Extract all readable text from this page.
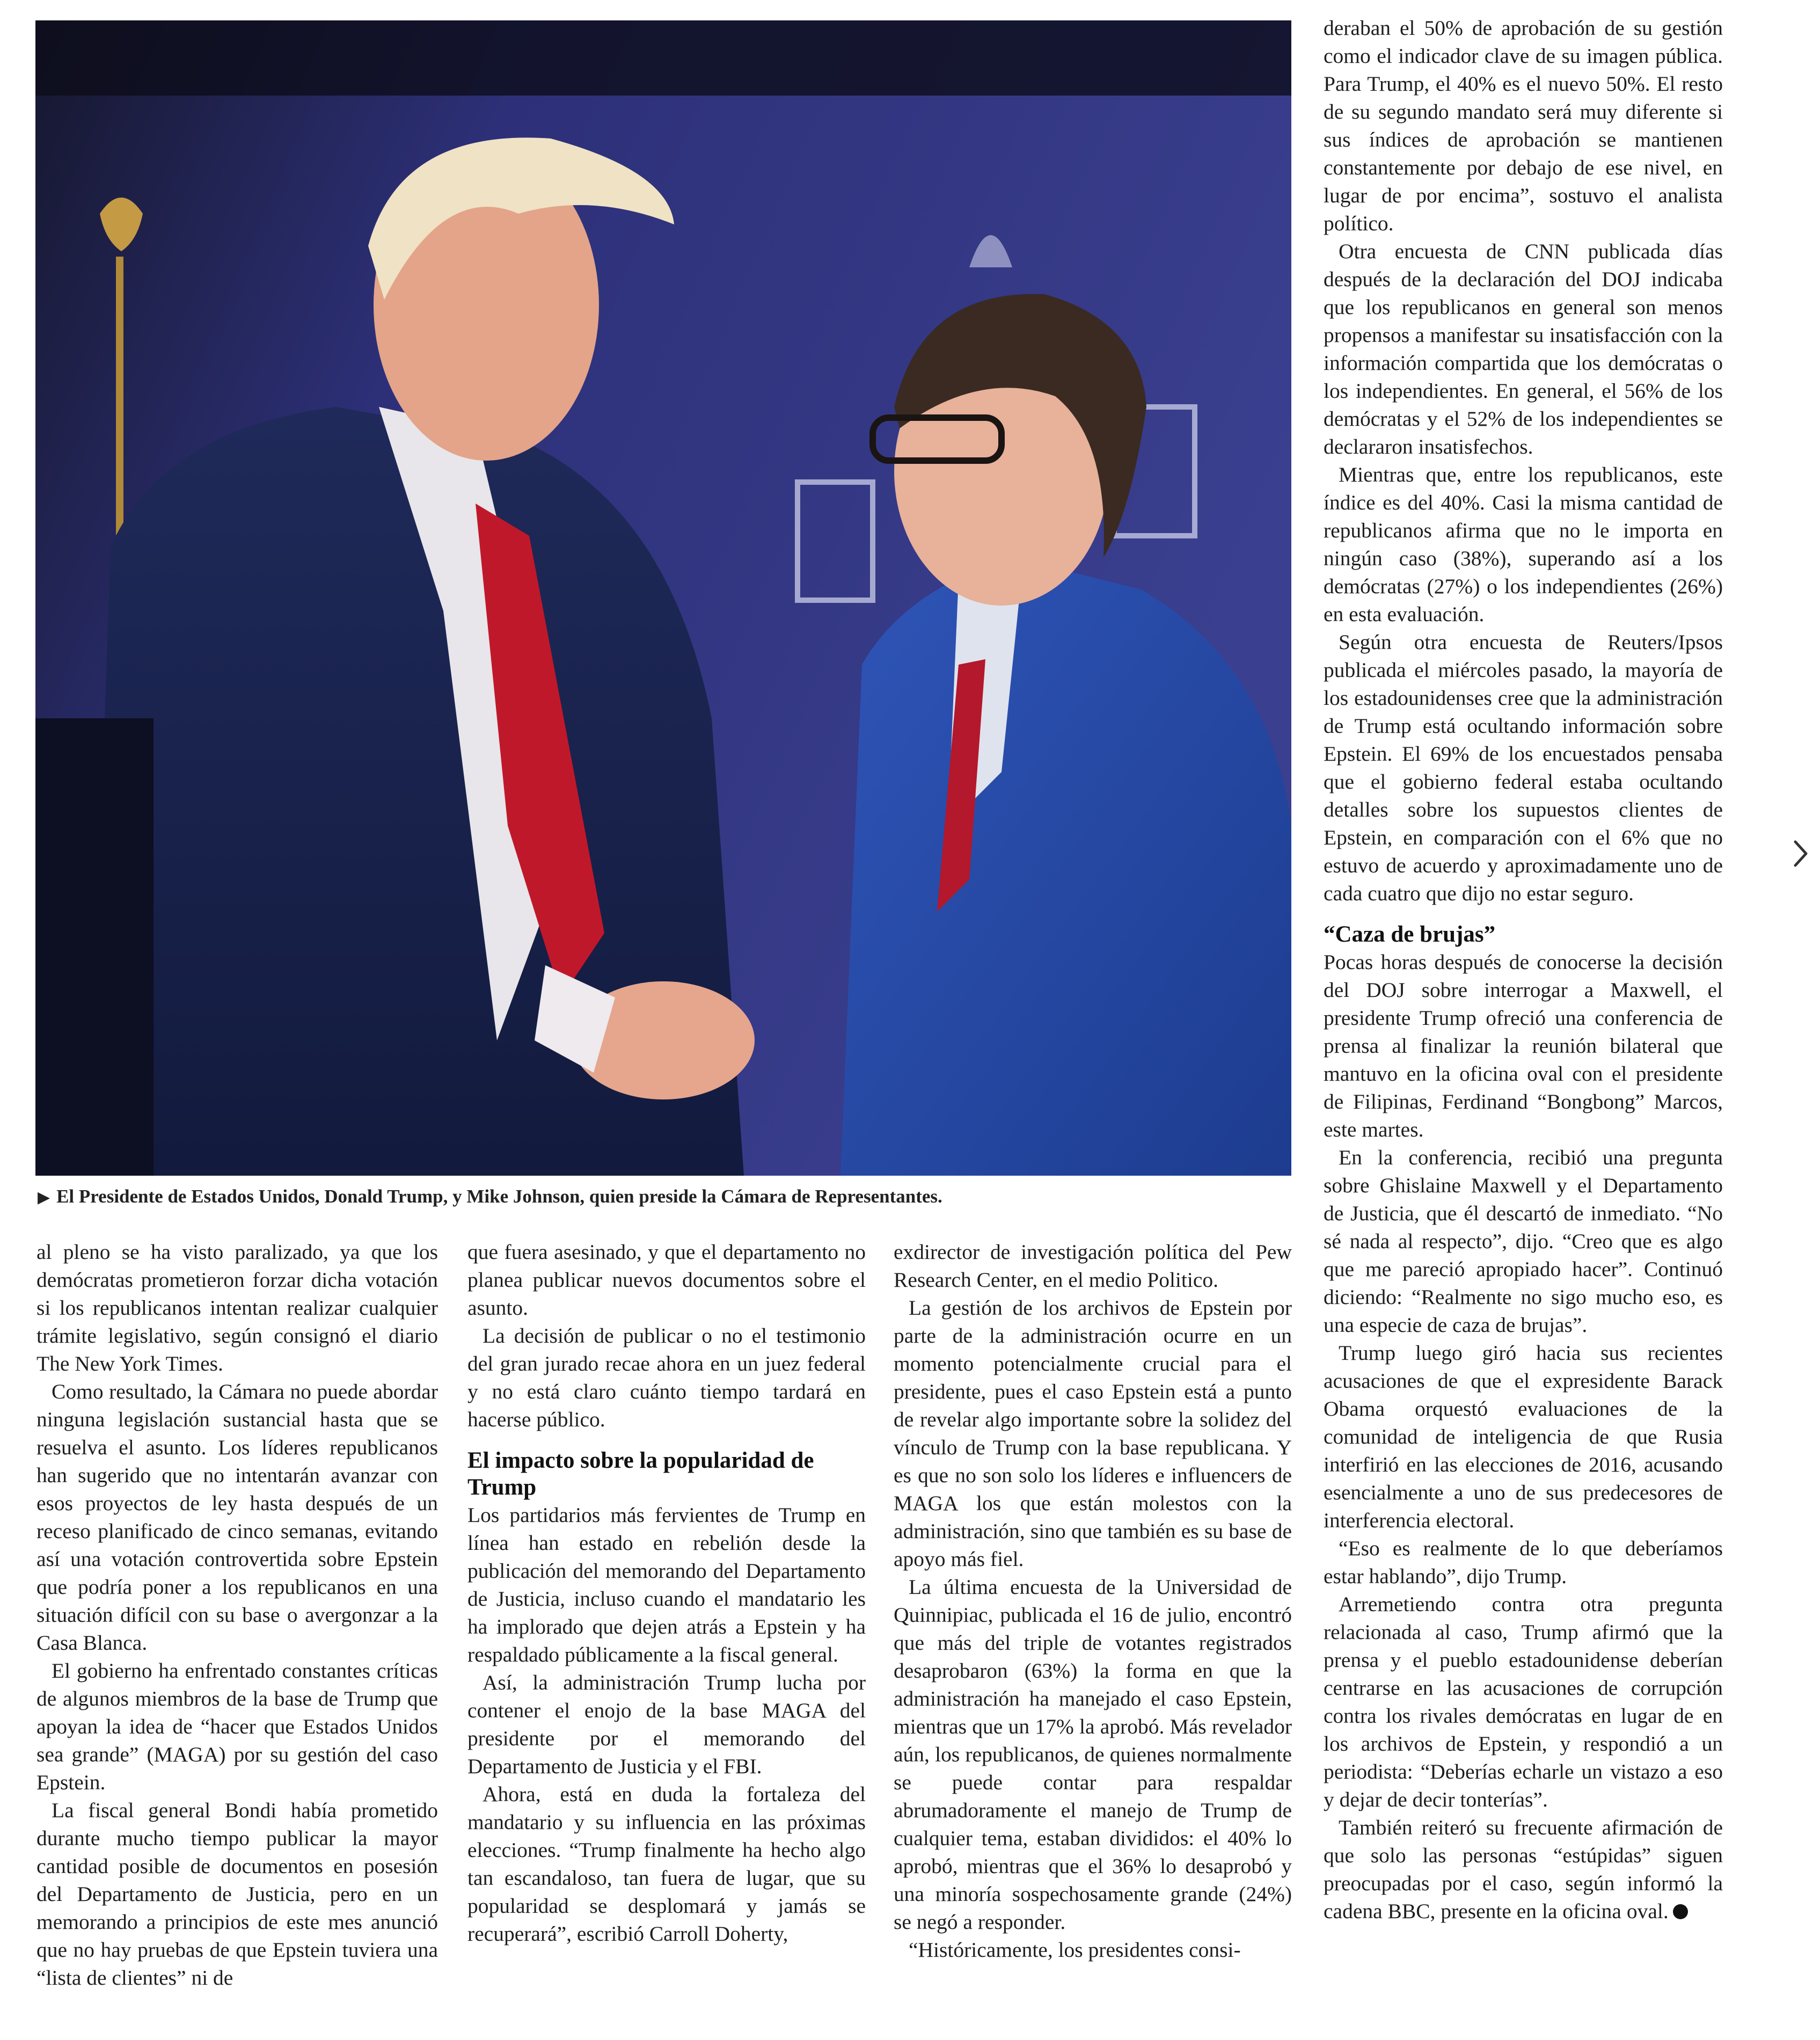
▶ El Presidente de Estados Unidos, Donald Trump, y Mike Johnson, quien preside la Cámara de Representantes.

deraban el 50% de aprobación de su gestión como el indicador clave de su imagen pública. Para Trump, el 40% es el nuevo 50%. El resto de su segundo mandato será muy diferente si sus índices de aprobación se mantienen constantemente por debajo de ese nivel, en lugar de por encima”, sostuvo el analista político.

Otra encuesta de CNN publicada días después de la declaración del DOJ indicaba que los republicanos en general son menos propensos a manifestar su insatisfacción con la información compartida que los demócratas o los independientes. En general, el 56% de los demócratas y el 52% de los independientes se declararon insatisfechos.

Mientras que, entre los republicanos, este índice es del 40%. Casi la misma cantidad de republicanos afirma que no le importa en ningún caso (38%), superando así a los demócratas (27%) o los independientes (26%) en esta evaluación.

Según otra encuesta de Reuters/Ipsos publicada el miércoles pasado, la mayoría de los estadounidenses cree que la administración de Trump está ocultando información sobre Epstein. El 69% de los encuestados pensaba que el gobierno federal estaba ocultando detalles sobre los supuestos clientes de Epstein, en comparación con el 6% que no estuvo de acuerdo y aproximadamente uno de cada cuatro que dijo no estar seguro.

“Caza de brujas”

Pocas horas después de conocerse la decisión del DOJ sobre interrogar a Maxwell, el presidente Trump ofreció una conferencia de prensa al finalizar la reunión bilateral que mantuvo en la oficina oval con el presidente de Filipinas, Ferdinand “Bongbong” Marcos, este martes.

En la conferencia, recibió una pregunta sobre Ghislaine Maxwell y el Departamento de Justicia, que él descartó de inmediato. “No sé nada al respecto”, dijo. “Creo que es algo que me pareció apropiado hacer”. Continuó diciendo: “Realmente no sigo mucho eso, es una especie de caza de brujas”.

Trump luego giró hacia sus recientes acusaciones de que el expresidente Barack Obama orquestó evaluaciones de la comunidad de inteligencia de que Rusia interfirió en las elecciones de 2016, acusando esencialmente a uno de sus predecesores de interferencia electoral.

“Eso es realmente de lo que deberíamos estar hablando”, dijo Trump.

Arremetiendo contra otra pregunta relacionada al caso, Trump afirmó que la prensa y el pueblo estadounidense deberían centrarse en las acusaciones de corrupción contra los rivales demócratas en lugar de en los archivos de Epstein, y respondió a un periodista: “Deberías echarle un vistazo a eso y dejar de decir tonterías”.

También reiteró su frecuente afirmación de que solo las personas “estúpidas” siguen preocupadas por el caso, según informó la cadena BBC, presente en la oficina oval.

al pleno se ha visto paralizado, ya que los demócratas prometieron forzar dicha votación si los republicanos intentan realizar cualquier trámite legislativo, según consignó el diario The New York Times.

Como resultado, la Cámara no puede abordar ninguna legislación sustancial hasta que se resuelva el asunto. Los líderes republicanos han sugerido que no intentarán avanzar con esos proyectos de ley hasta después de un receso planificado de cinco semanas, evitando así una votación controvertida sobre Epstein que podría poner a los republicanos en una situación difícil con su base o avergonzar a la Casa Blanca.

El gobierno ha enfrentado constantes críticas de algunos miembros de la base de Trump que apoyan la idea de “hacer que Estados Unidos sea grande” (MAGA) por su gestión del caso Epstein.

La fiscal general Bondi había prometido durante mucho tiempo publicar la mayor cantidad posible de documentos en posesión del Departamento de Justicia, pero en un memorando a principios de este mes anunció que no hay pruebas de que Epstein tuviera una “lista de clientes” ni de

que fuera asesinado, y que el departamento no planea publicar nuevos documentos sobre el asunto.

La decisión de publicar o no el testimonio del gran jurado recae ahora en un juez federal y no está claro cuánto tiempo tardará en hacerse público.

El impacto sobre la popularidad de Trump

Los partidarios más fervientes de Trump en línea han estado en rebelión desde la publicación del memorando del Departamento de Justicia, incluso cuando el mandatario les ha implorado que dejen atrás a Epstein y ha respaldado públicamente a la fiscal general.

Así, la administración Trump lucha por contener el enojo de la base MAGA del presidente por el memorando del Departamento de Justicia y el FBI.

Ahora, está en duda la fortaleza del mandatario y su influencia en las próximas elecciones. “Trump finalmente ha hecho algo tan escandaloso, tan fuera de lugar, que su popularidad se desplomará y jamás se recuperará”, escribió Carroll Doherty,

exdirector de investigación política del Pew Research Center, en el medio Politico.

La gestión de los archivos de Epstein por parte de la administración ocurre en un momento potencialmente crucial para el presidente, pues el caso Epstein está a punto de revelar algo importante sobre la solidez del vínculo de Trump con la base republicana. Y es que no son solo los líderes e influencers de MAGA los que están molestos con la administración, sino que también es su base de apoyo más fiel.

La última encuesta de la Universidad de Quinnipiac, publicada el 16 de julio, encontró que más del triple de votantes registrados desaprobaron (63%) la forma en que la administración ha manejado el caso Epstein, mientras que un 17% la aprobó. Más revelador aún, los republicanos, de quienes normalmente se puede contar para respaldar abrumadoramente el manejo de Trump de cualquier tema, estaban divididos: el 40% lo aprobó, mientras que el 36% lo desaprobó y una minoría sospechosamente grande (24%) se negó a responder.

“Históricamente, los presidentes consi-
